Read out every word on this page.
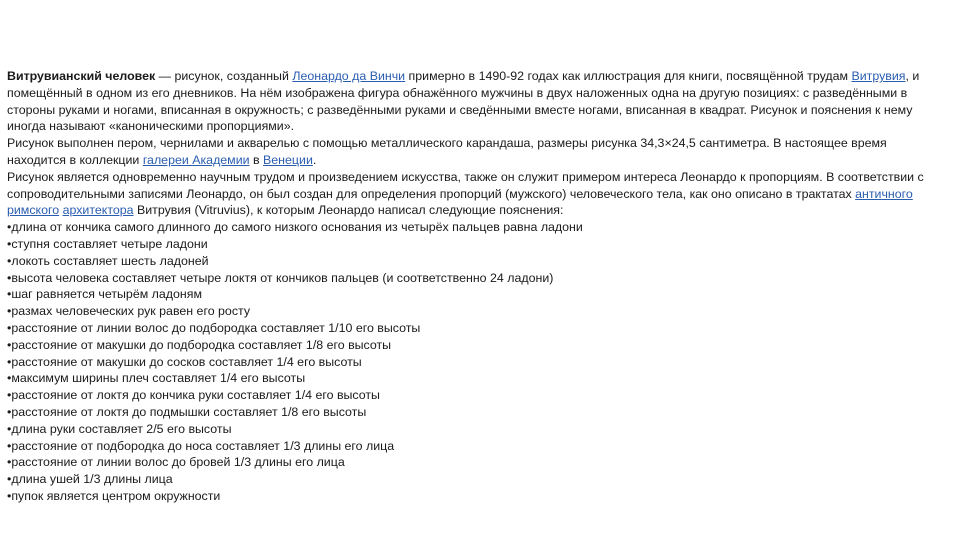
Витрувианский человек — рисунок, созданный Леонардо да Винчи примерно в 1490-92 годах как иллюстрация для книги, посвящённой трудам Витрувия, и помещённый в одном из его дневников. На нём изображена фигура обнажённого мужчины в двух наложенных одна на другую позициях: с разведёнными в стороны руками и ногами, вписанная в окружность; с разведёнными руками и сведёнными вместе ногами, вписанная в квадрат. Рисунок и пояснения к нему иногда называют «каноническими пропорциями».

Рисунок выполнен пером, чернилами и акварелью с помощью металлического карандаша, размеры рисунка 34,3×24,5 сантиметра. В настоящее время находится в коллекции галереи Академии в Венеции.

Рисунок является одновременно научным трудом и произведением искусства, также он служит примером интереса Леонардо к пропорциям. В соответствии с сопроводительными записями Леонардо, он был создан для определения пропорций (мужского) человеческого тела, как оно описано в трактатах античного римского архитектора Витрувия (Vitruvius), к которым Леонардо написал следующие пояснения:

•длина от кончика самого длинного до самого низкого основания из четырёх пальцев равна ладони

•ступня составляет четыре ладони

•локоть составляет шесть ладоней

•высота человека составляет четыре локтя от кончиков пальцев (и соответственно 24 ладони)

•шаг равняется четырём ладоням

•размах человеческих рук равен его росту

•расстояние от линии волос до подбородка составляет 1/10 его высоты

•расстояние от макушки до подбородка составляет 1/8 его высоты

•расстояние от макушки до сосков составляет 1/4 его высоты

•максимум ширины плеч составляет 1/4 его высоты

•расстояние от локтя до кончика руки составляет 1/4 его высоты

•расстояние от локтя до подмышки составляет 1/8 его высоты

•длина руки составляет 2/5 его высоты

•расстояние от подбородка до носа составляет 1/3 длины его лица

•расстояние от линии волос до бровей 1/3 длины его лица

•длина ушей 1/3 длины лица

•пупок является центром окружности
